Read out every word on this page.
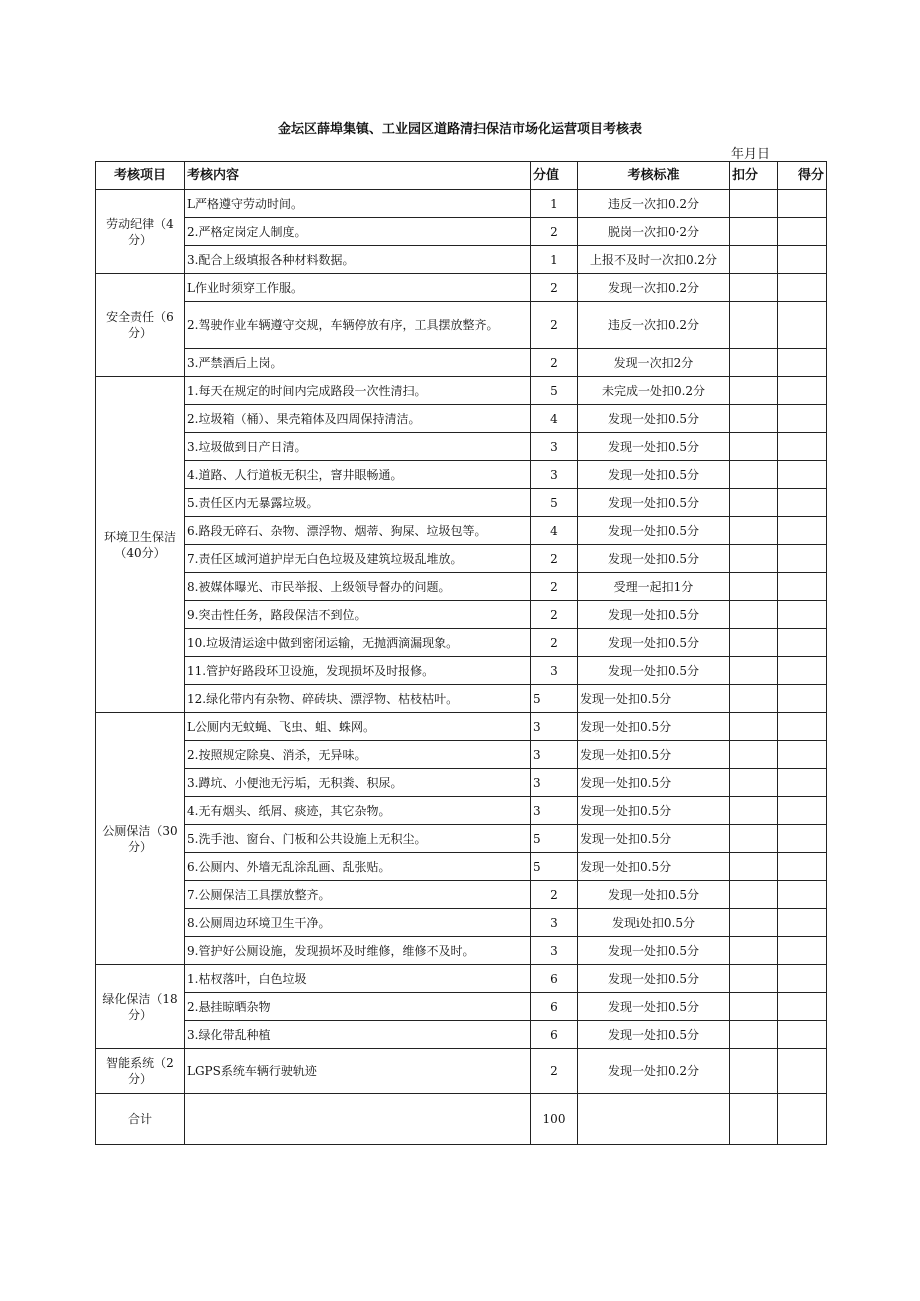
金坛区薛埠集镇、工业园区道路清扫保洁市场化运营项目考核表
年月日
考核项目	考核内容	分值	考核标准	扣分	得分
劳动纪律（4分）	L严格遵守劳动时间。	1	违反一次扣0.2分		
	2.严格定岗定人制度。	2	脱岗一次扣0·2分		
	3.配合上级填报各种材料数据。	1	上报不及时一次扣0.2分		
安全责任（6分）	L作业时须穿工作服。	2	发现一次扣0.2分		
	2.驾驶作业车辆遵守交规，车辆停放有序，工具摆放整齐。	2	违反一次扣0.2分		
	3.严禁酒后上岗。	2	发现一次扣2分		
环境卫生保洁（40分）	1.每天在规定的时间内完成路段一次性清扫。	5	未完成一处扣0.2分		
	2.垃圾箱（桶）、果壳箱体及四周保持清洁。	4	发现一处扣0.5分		
	3.垃圾做到日产日清。	3	发现一处扣0.5分		
	4.道路、人行道板无积尘，窨井眼畅通。	3	发现一处扣0.5分		
	5.责任区内无暴露垃圾。	5	发现一处扣0.5分		
	6.路段无碎石、杂物、漂浮物、烟蒂、狗屎、垃圾包等。	4	发现一处扣0.5分		
	7.责任区域河道护岸无白色垃圾及建筑垃圾乱堆放。	2	发现一处扣0.5分		
	8.被媒体曝光、市民举报、上级领导督办的问题。	2	受理一起扣1分		
	9.突击性任务，路段保洁不到位。	2	发现一处扣0.5分		
	10.垃圾清运途中做到密闭运输，无抛洒滴漏现象。	2	发现一处扣0.5分		
	11.管护好路段环卫设施，发现损坏及时报修。	3	发现一处扣0.5分		
	12.绿化带内有杂物、碎砖块、漂浮物、枯枝枯叶。	5	发现一处扣0.5分		
公厕保洁（30分）	L公厕内无蚊蝇、飞虫、蛆、蛛网。	3	发现一处扣0.5分		
	2.按照规定除臭、消杀，无异味。	3	发现一处扣0.5分		
	3.蹲坑、小便池无污垢，无积粪、积尿。	3	发现一处扣0.5分		
	4.无有烟头、纸屑、痰迹，其它杂物。	3	发现一处扣0.5分		
	5.洗手池、窗台、门板和公共设施上无积尘。	5	发现一处扣0.5分		
	6.公厕内、外墙无乱涂乱画、乱张贴。	5	发现一处扣0.5分		
	7.公厕保洁工具摆放整齐。	2	发现一处扣0.5分		
	8.公厕周边环境卫生干净。	3	发现i处扣0.5分		
	9.管护好公厕设施，发现损坏及时维修，维修不及时。	3	发现一处扣0.5分		
绿化保洁（18分）	1.枯杈落叶，白色垃圾	6	发现一处扣0.5分		
	2.悬挂晾晒杂物	6	发现一处扣0.5分		
	3.绿化带乱种植	6	发现一处扣0.5分		
智能系统（2分）	LGPS系统车辆行驶轨迹	2	发现一处扣0.2分		
合计		100			
